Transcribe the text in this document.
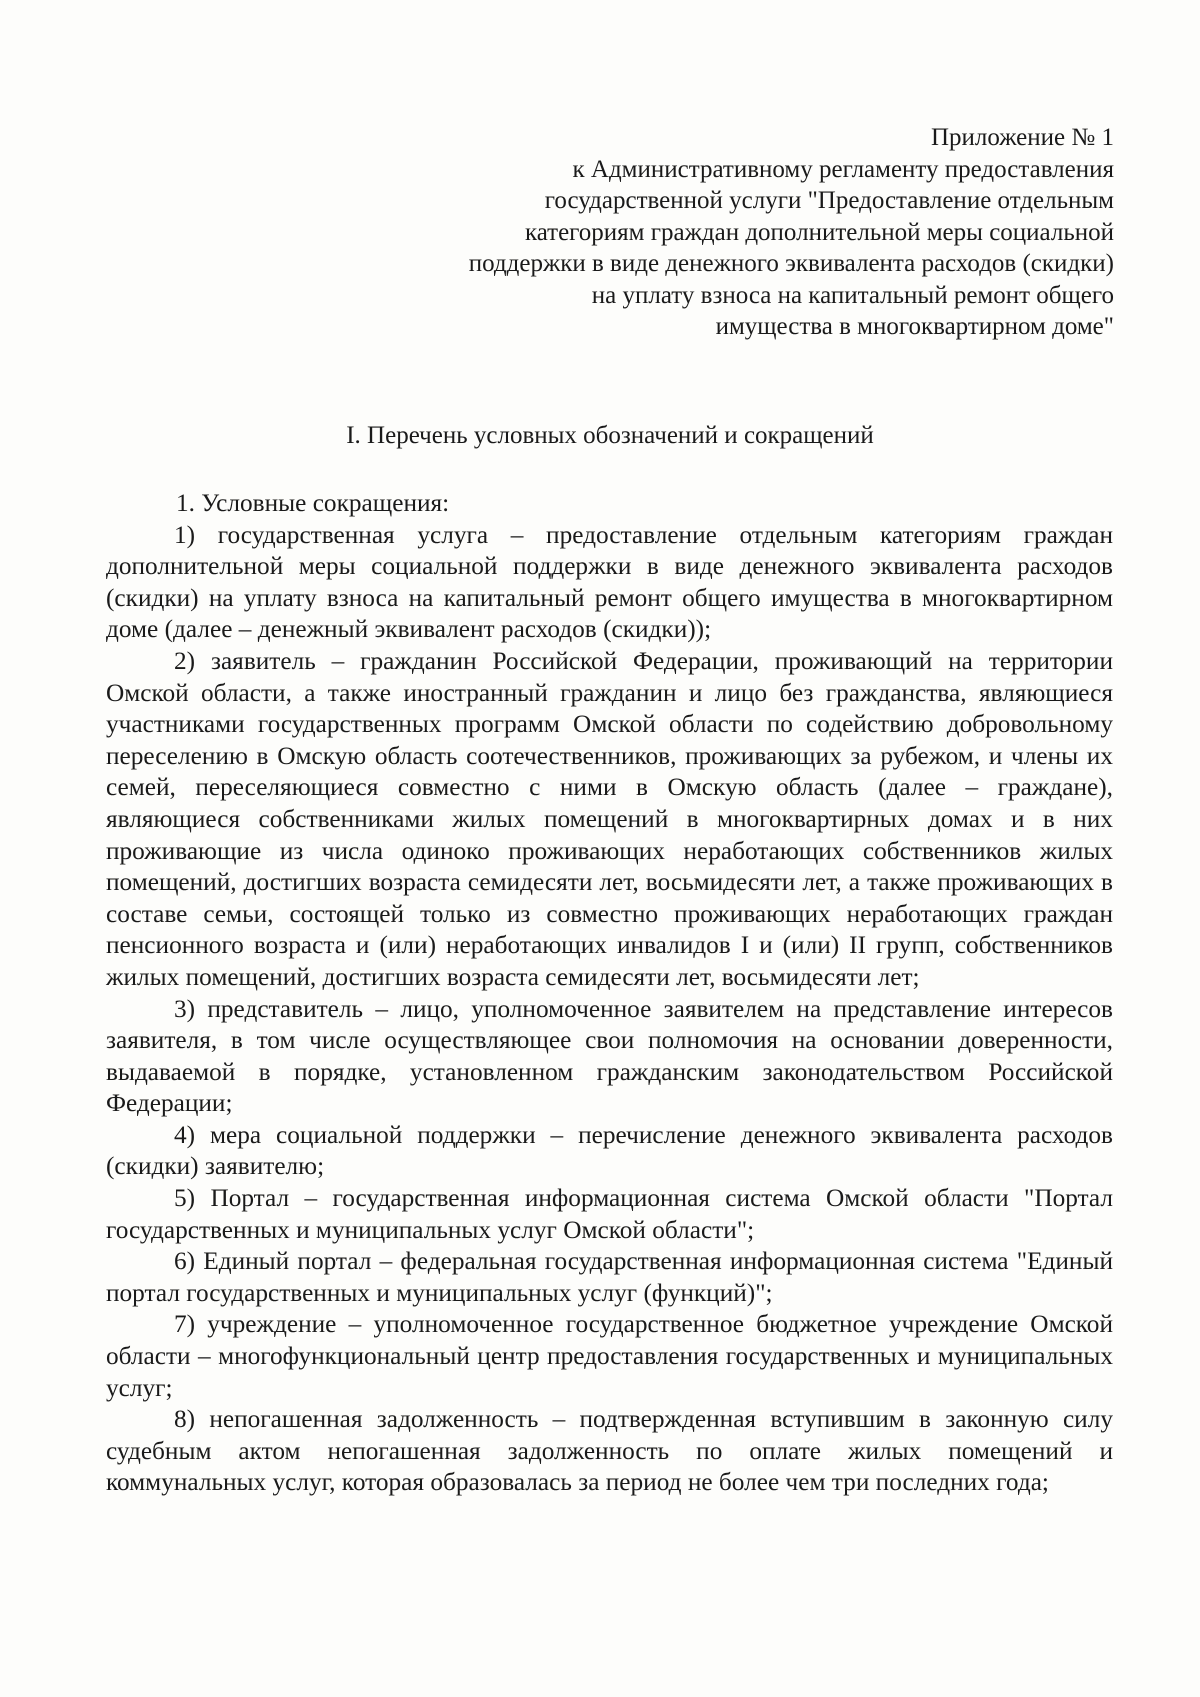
Приложение № 1
к Административному регламенту предоставления
государственной услуги "Предоставление отдельным
категориям граждан дополнительной меры социальной
поддержки в виде денежного эквивалента расходов (скидки)
на уплату взноса на капитальный ремонт общего
имущества в многоквартирном доме"
I. Перечень условных обозначений и сокращений

1. Условные сокращения:

1) государственная услуга – предоставление отдельным категориям граждан дополнительной меры социальной поддержки в виде денежного эквивалента расходов (скидки) на уплату взноса на капитальный ремонт общего имущества в многоквартирном доме (далее – денежный эквивалент расходов (скидки));

2) заявитель – гражданин Российской Федерации, проживающий на территории Омской области, а также иностранный гражданин и лицо без гражданства, являющиеся участниками государственных программ Омской области по содействию добровольному переселению в Омскую область соотечественников, проживающих за рубежом, и члены их семей, переселяющиеся совместно с ними в Омскую область (далее – граждане), являющиеся собственниками жилых помещений в многоквартирных домах и в них проживающие из числа одиноко проживающих неработающих собственников жилых помещений, достигших возраста семидесяти лет, восьмидесяти лет, а также проживающих в составе семьи, состоящей только из совместно проживающих неработающих граждан пенсионного возраста и (или) неработающих инвалидов I и (или) II групп, собственников жилых помещений, достигших возраста семидесяти лет, восьмидесяти лет;

3) представитель – лицо, уполномоченное заявителем на представление интересов заявителя, в том числе осуществляющее свои полномочия на основании доверенности, выдаваемой в порядке, установленном гражданским законодательством Российской Федерации;

4) мера социальной поддержки – перечисление денежного эквивалента расходов (скидки) заявителю;

5) Портал – государственная информационная система Омской области "Портал государственных и муниципальных услуг Омской области";

6) Единый портал – федеральная государственная информационная система "Единый портал государственных и муниципальных услуг (функций)";

7) учреждение – уполномоченное государственное бюджетное учреждение Омской области – многофункциональный центр предоставления государственных и муниципальных услуг;

8) непогашенная задолженность – подтвержденная вступившим в законную силу судебным актом непогашенная задолженность по оплате жилых помещений и коммунальных услуг, которая образовалась за период не более чем три последних года;
